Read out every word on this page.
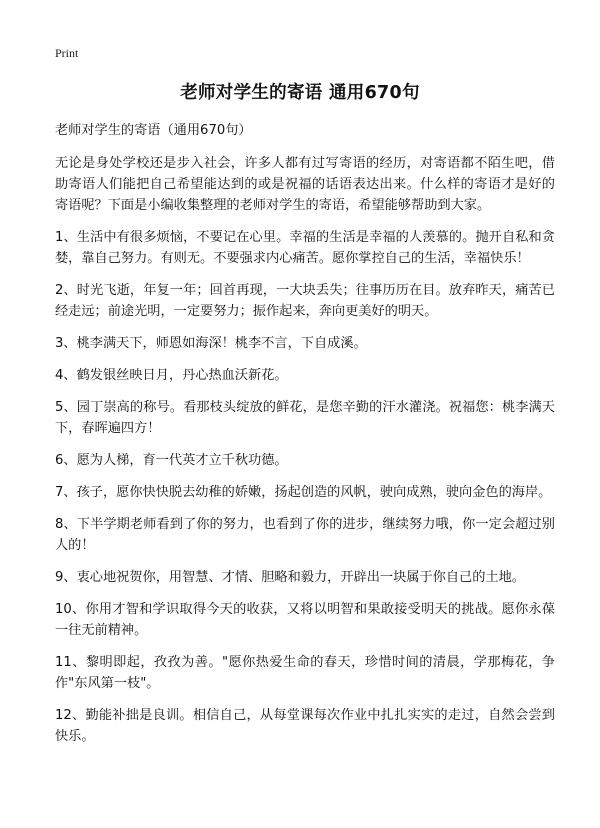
Print
老师对学生的寄语 通用670句

老师对学生的寄语（通用670句）

无论是身处学校还是步入社会，许多人都有过写寄语的经历，对寄语都不陌生吧，借助寄语人们能把自己希望能达到的或是祝福的话语表达出来。什么样的寄语才是好的寄语呢？下面是小编收集整理的老师对学生的寄语，希望能够帮助到大家。

1、生活中有很多烦恼，不要记在心里。幸福的生活是幸福的人羡慕的。抛开自私和贪婪，靠自己努力。有则无。不要强求内心痛苦。愿你掌控自己的生活，幸福快乐！

2、时光飞逝，年复一年；回首再现，一大块丢失；往事历历在目。放弃昨天，痛苦已经走远；前途光明，一定要努力；振作起来，奔向更美好的明天。

3、桃李满天下，师恩如海深！桃李不言，下自成溪。

4、鹤发银丝映日月，丹心热血沃新花。

5、园丁崇高的称号。看那枝头绽放的鲜花，是您辛勤的汗水灌浇。祝福您：桃李满天下，春晖遍四方！

6、愿为人梯，育一代英才立千秋功德。

7、孩子，愿你快快脱去幼稚的娇嫩，扬起创造的风帆，驶向成熟，驶向金色的海岸。

8、下半学期老师看到了你的努力，也看到了你的进步，继续努力哦，你一定会超过别人的！

9、衷心地祝贺你，用智慧、才情、胆略和毅力，开辟出一块属于你自己的土地。

10、你用才智和学识取得今天的收获，又将以明智和果敢接受明天的挑战。愿你永葆一往无前精神。

11、黎明即起，孜孜为善。"愿你热爱生命的春天，珍惜时间的清晨，学那梅花，争作"东风第一枝"。

12、勤能补拙是良训。相信自己，从每堂课每次作业中扎扎实实的走过，自然会尝到快乐。
